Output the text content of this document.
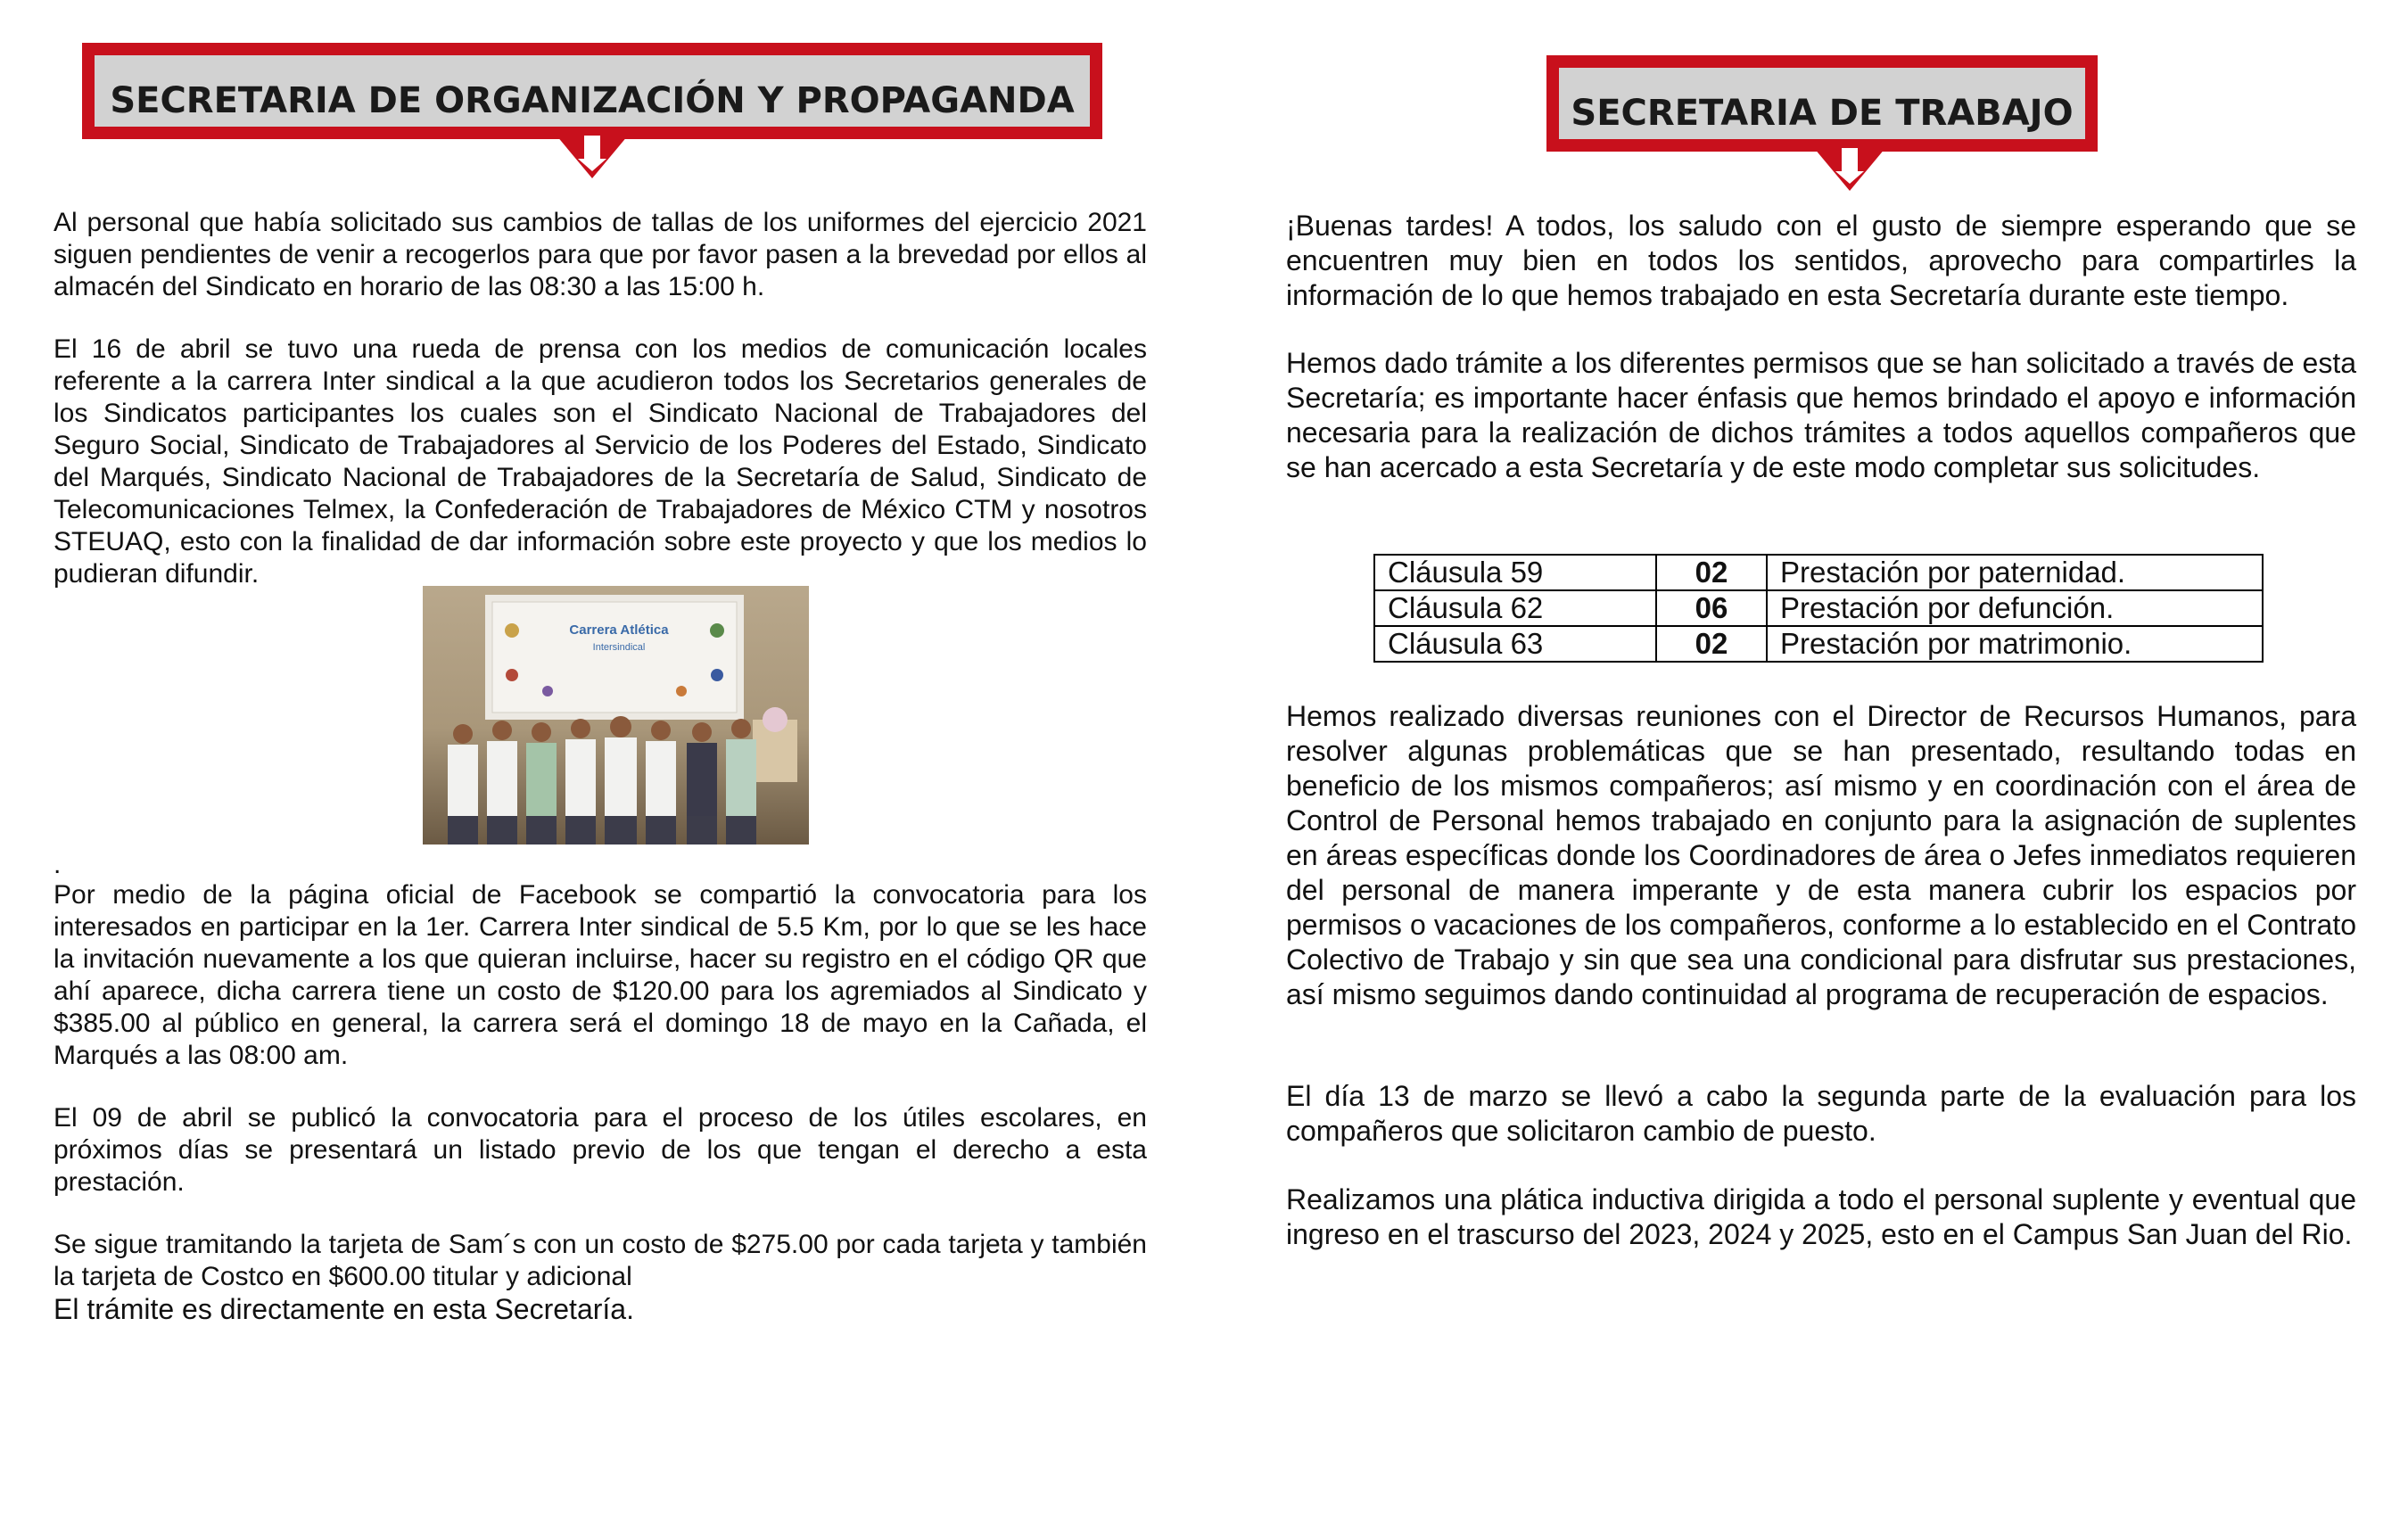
SECRETARIA DE ORGANIZACIÓN Y PROPAGANDA	SECRETARIA DE TRABAJO

Al personal que había solicitado sus cambios de tallas de los uniformes del ejercicio 2021 siguen pendientes de venir a recogerlos para que por favor pasen a la brevedad por ellos al almacén del Sindicato en horario de las 08:30 a las 15:00 h.

El 16 de abril se tuvo una rueda de prensa con los medios de comunicación locales referente a la carrera Inter sindical a la que acudieron todos los Secretarios generales de los Sindicatos participantes los cuales son el Sindicato Nacional de Trabajadores del Seguro Social, Sindicato de Trabajadores al Servicio de los Poderes del Estado, Sindicato del Marqués, Sindicato Nacional de Trabajadores de la Secretaría de Salud, Sindicato de Telecomunicaciones Telmex, la Confederación de Trabajadores de México CTM y nosotros STEUAQ, esto con la finalidad de dar información sobre este proyecto y que los medios lo pudieran difundir.

Carrera Atlética
Intersindical

.

Por medio de la página oficial de Facebook se compartió la convocatoria para los interesados en participar en la 1er. Carrera Inter sindical de 5.5 Km, por lo que se les hace la invitación nuevamente a los que quieran incluirse, hacer su registro en el código QR que ahí aparece, dicha carrera tiene un costo de $120.00 para los agremiados al Sindicato y $385.00 al público en general, la carrera será el domingo 18 de mayo en la Cañada, el Marqués a las 08:00 am.

El 09 de abril se publicó la convocatoria para el proceso de los útiles escolares, en próximos días se presentará un listado previo de los que tengan el derecho a esta prestación.

Se sigue tramitando la tarjeta de Sam´s con un costo de $275.00 por cada tarjeta y también la tarjeta de Costco en $600.00 titular y adicional

El trámite es directamente en esta Secretaría.

¡Buenas tardes! A todos, los saludo con el gusto de siempre esperando que se encuentren muy bien en todos los sentidos, aprovecho para compartirles la información de lo que hemos trabajado en esta Secretaría durante este tiempo.

Hemos dado trámite a los diferentes permisos que se han solicitado a través de esta Secretaría; es importante hacer énfasis que hemos brindado el apoyo e información necesaria para la realización de dichos trámites a todos aquellos compañeros que se han acercado a esta Secretaría y de este modo completar sus solicitudes.

Cláusula 59	02	Prestación por paternidad.
Cláusula 62	06	Prestación por defunción.
Cláusula 63	02	Prestación por matrimonio.

Hemos realizado diversas reuniones con el Director de Recursos Humanos, para resolver algunas problemáticas que se han presentado, resultando todas en beneficio de los mismos compañeros; así mismo y en coordinación con el área de Control de Personal hemos trabajado en conjunto para la asignación de suplentes en áreas específicas donde los Coordinadores de área o Jefes inmediatos requieren del personal de manera imperante y de esta manera cubrir los espacios por permisos o vacaciones de los compañeros, conforme a lo establecido en el Contrato Colectivo de Trabajo y sin que sea una condicional para disfrutar sus prestaciones, así mismo seguimos dando continuidad al programa de recuperación de espacios.

El día 13 de marzo se llevó a cabo la segunda parte de la evaluación para los compañeros que solicitaron cambio de puesto.

Realizamos una plática inductiva dirigida a todo el personal suplente y eventual que ingreso en el trascurso del 2023, 2024 y 2025, esto en el Campus San Juan del Rio.
